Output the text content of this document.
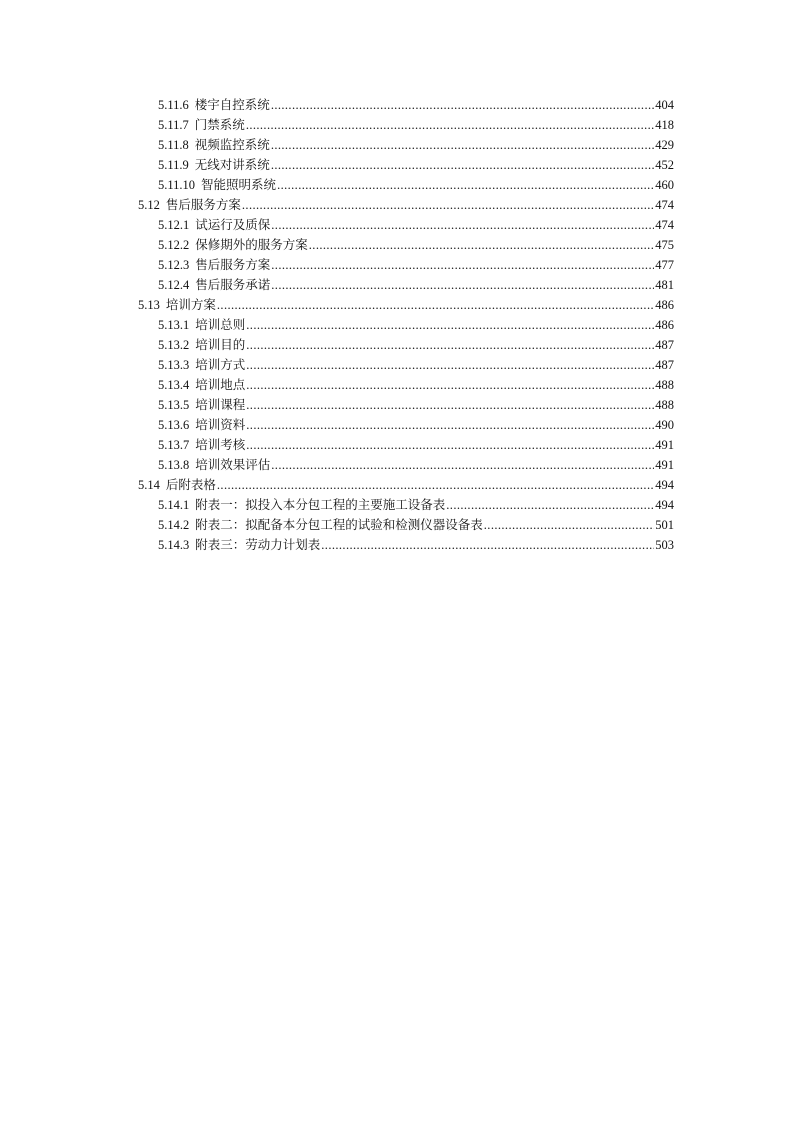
5.11.6 楼宇自控系统 .....	404
5.11.7 门禁系统 .....	418
5.11.8 视频监控系统 .....	429
5.11.9 无线对讲系统 .....	452
5.11.10 智能照明系统 .....	460
5.12 售后服务方案 .....	474
5.12.1 试运行及质保 .....	474
5.12.2 保修期外的服务方案 .....	475
5.12.3 售后服务方案 .....	477
5.12.4 售后服务承诺 .....	481
5.13 培训方案 .....	486
5.13.1 培训总则 .....	486
5.13.2 培训目的 .....	487
5.13.3 培训方式 .....	487
5.13.4 培训地点 .....	488
5.13.5 培训课程 .....	488
5.13.6 培训资料 .....	490
5.13.7 培训考核 .....	491
5.13.8 培训效果评估 .....	491
5.14 后附表格 .....	494
5.14.1 附表一：拟投入本分包工程的主要施工设备表 .....	494
5.14.2 附表二：拟配备本分包工程的试验和检测仪器设备表 .....	501
5.14.3 附表三：劳动力计划表 .....	503
